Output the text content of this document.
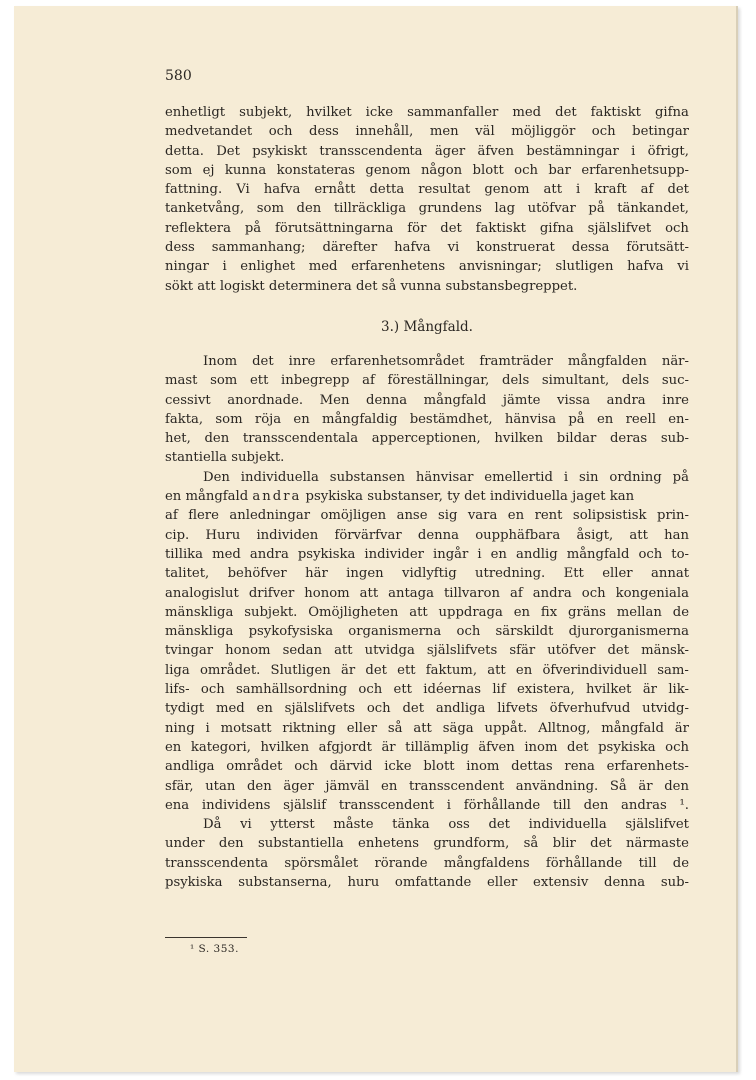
580
enhetligt subjekt, hvilket icke sammanfaller med det faktiskt gifna
medvetandet och dess innehåll, men väl möjliggör och betingar
detta. Det psykiskt transscendenta äger äfven bestämningar i öfrigt,
som ej kunna konstateras genom någon blott och bar erfarenhetsupp-
fattning. Vi hafva ernått detta resultat genom att i kraft af det
tanketvång, som den tillräckliga grundens lag utöfvar på tänkandet,
reflektera på förutsättningarna för det faktiskt gifna själslifvet och
dess sammanhang; därefter hafva vi konstruerat dessa förutsätt-
ningar i enlighet med erfarenhetens anvisningar; slutligen hafva vi
sökt att logiskt determinera det så vunna substansbegreppet.
3.) Mångfald.
Inom det inre erfarenhetsområdet framträder mångfalden när-
mast som ett inbegrepp af föreställningar, dels simultant, dels suc-
cessivt anordnade. Men denna mångfald jämte vissa andra inre
fakta, som röja en mångfaldig bestämdhet, hänvisa på en reell en-
het, den transscendentala apperceptionen, hvilken bildar deras sub-
stantiella subjekt.
Den individuella substansen hänvisar emellertid i sin ordning på
en mångfald andra psykiska substanser, ty det individuella jaget kan
af flere anledningar omöjligen anse sig vara en rent solipsistisk prin-
cip. Huru individen förvärfvar denna oupphäfbara åsigt, att han
tillika med andra psykiska individer ingår i en andlig mångfald och to-
talitet, behöfver här ingen vidlyftig utredning. Ett eller annat
analogislut drifver honom att antaga tillvaron af andra och kongeniala
mänskliga subjekt. Omöjligheten att uppdraga en fix gräns mellan de
mänskliga psykofysiska organismerna och särskildt djurorganismerna
tvingar honom sedan att utvidga själslifvets sfär utöfver det mänsk-
liga området. Slutligen är det ett faktum, att en öfverindividuell sam-
lifs- och samhällsordning och ett idéernas lif existera, hvilket är lik-
tydigt med en själslifvets och det andliga lifvets öfverhufvud utvidg-
ning i motsatt riktning eller så att säga uppåt. Alltnog, mångfald är
en kategori, hvilken afgjordt är tillämplig äfven inom det psykiska och
andliga området och därvid icke blott inom dettas rena erfarenhets-
sfär, utan den äger jämväl en transscendent användning. Så är den
ena individens själslif transscendent i förhållande till den andras ¹.
Då vi ytterst måste tänka oss det individuella själslifvet
under den substantiella enhetens grundform, så blir det närmaste
transscendenta spörsmålet rörande mångfaldens förhållande till de
psykiska substanserna, huru omfattande eller extensiv denna sub-
¹ S. 353.
